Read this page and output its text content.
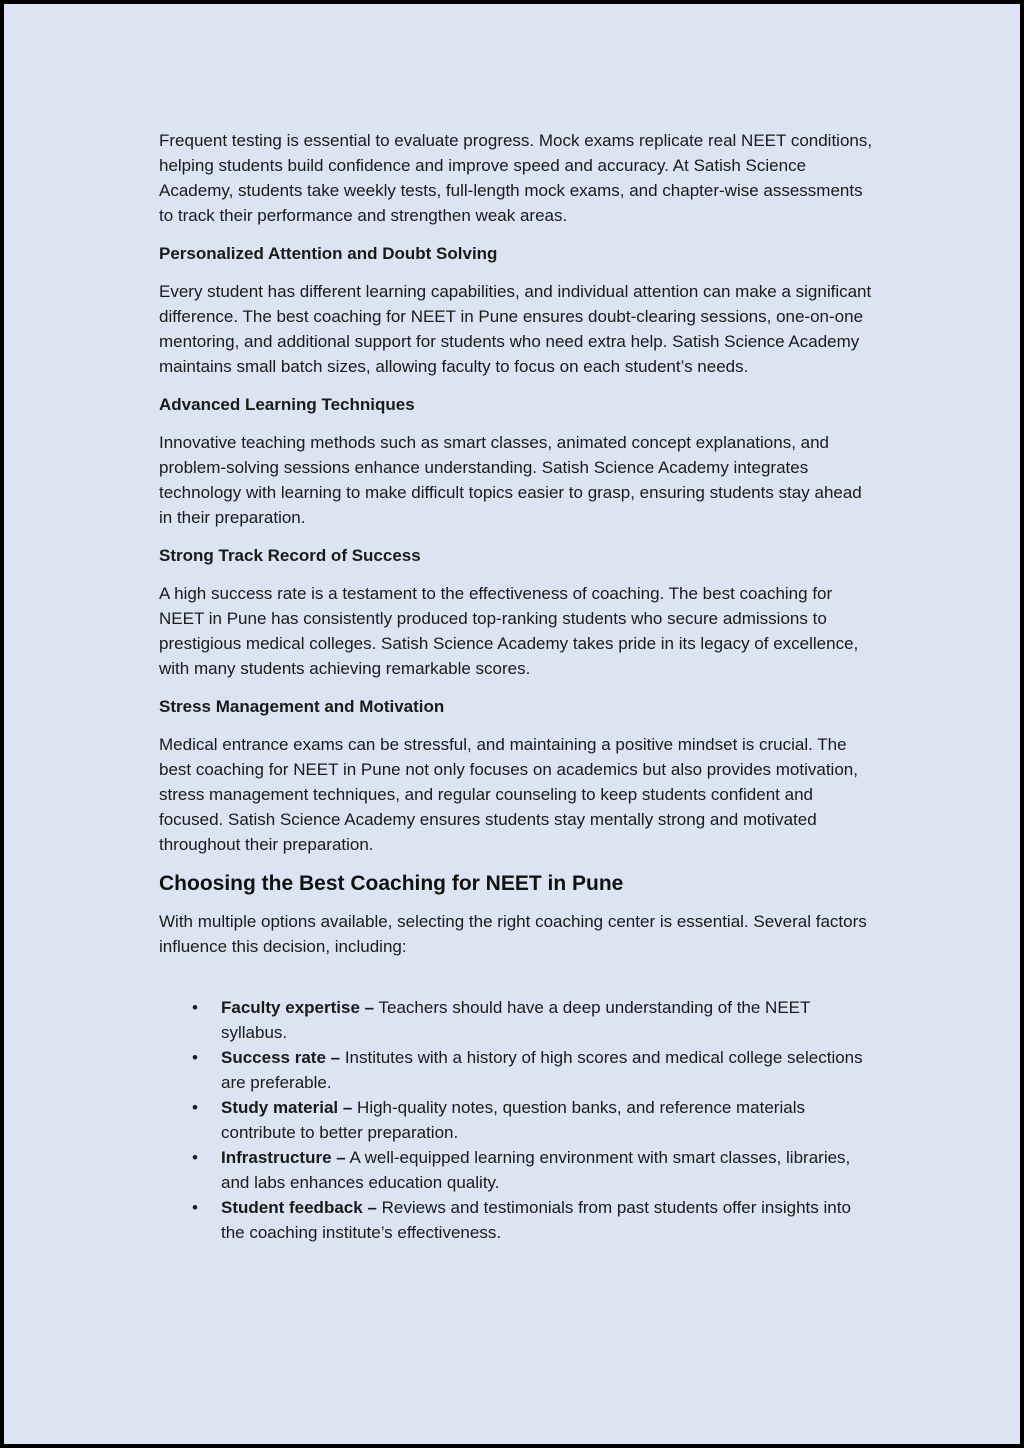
Frequent testing is essential to evaluate progress. Mock exams replicate real NEET conditions, helping students build confidence and improve speed and accuracy. At Satish Science Academy, students take weekly tests, full-length mock exams, and chapter-wise assessments to track their performance and strengthen weak areas.

Personalized Attention and Doubt Solving

Every student has different learning capabilities, and individual attention can make a significant difference. The best coaching for NEET in Pune ensures doubt-clearing sessions, one-on-one mentoring, and additional support for students who need extra help. Satish Science Academy maintains small batch sizes, allowing faculty to focus on each student’s needs.

Advanced Learning Techniques

Innovative teaching methods such as smart classes, animated concept explanations, and problem-solving sessions enhance understanding. Satish Science Academy integrates technology with learning to make difficult topics easier to grasp, ensuring students stay ahead in their preparation.

Strong Track Record of Success

A high success rate is a testament to the effectiveness of coaching. The best coaching for NEET in Pune has consistently produced top-ranking students who secure admissions to prestigious medical colleges. Satish Science Academy takes pride in its legacy of excellence, with many students achieving remarkable scores.

Stress Management and Motivation

Medical entrance exams can be stressful, and maintaining a positive mindset is crucial. The best coaching for NEET in Pune not only focuses on academics but also provides motivation, stress management techniques, and regular counseling to keep students confident and focused. Satish Science Academy ensures students stay mentally strong and motivated throughout their preparation.

Choosing the Best Coaching for NEET in Pune

With multiple options available, selecting the right coaching center is essential. Several factors influence this decision, including:

• Faculty expertise – Teachers should have a deep understanding of the NEET syllabus.
• Success rate – Institutes with a history of high scores and medical college selections are preferable.
• Study material – High-quality notes, question banks, and reference materials contribute to better preparation.
• Infrastructure – A well-equipped learning environment with smart classes, libraries, and labs enhances education quality.
• Student feedback – Reviews and testimonials from past students offer insights into the coaching institute’s effectiveness.
